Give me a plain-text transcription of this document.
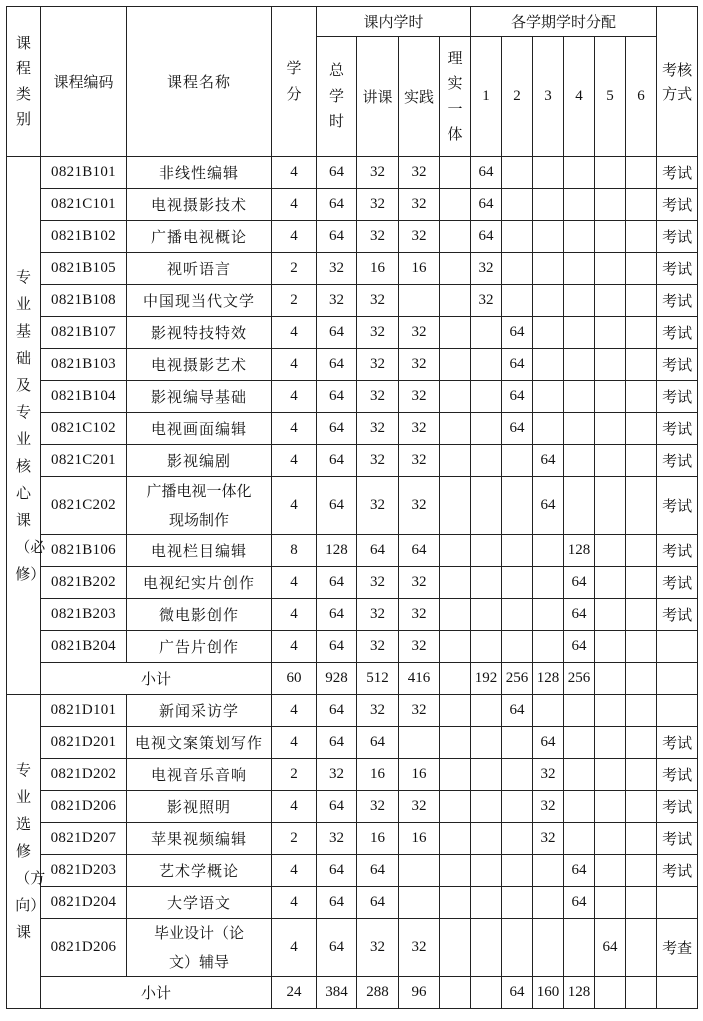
课程类别	课程编码	课程名称	学分	课内学时				各学期学时分配						考核方式

				总学时	讲课	实践	理实一体	1	2	3	4	5	6	

专业基础及专业核心课（必修）	0821B101	非线性编辑	4	64	32	32		64						考试
	0821C101	电视摄影技术	4	64	32	32		64						考试
	0821B102	广播电视概论	4	64	32	32		64						考试
	0821B105	视听语言	2	32	16	16		32						考试
	0821B108	中国现当代文学	2	32	32			32						考试
	0821B107	影视特技特效	4	64	32	32			64					考试
	0821B103	电视摄影艺术	4	64	32	32			64					考试
	0821B104	影视编导基础	4	64	32	32			64					考试
	0821C102	电视画面编辑	4	64	32	32			64					考试
	0821C201	影视编剧	4	64	32	32				64				考试
	0821C202	广播电视一体化现场制作	4	64	32	32				64				考试
	0821B106	电视栏目编辑	8	128	64	64					128			考试
	0821B202	电视纪实片创作	4	64	32	32					64			考试
	0821B203	微电影创作	4	64	32	32					64			考试
	0821B204	广告片创作	4	64	32	32					64			
	小计		60	928	512	416		192	256	128	256			

专业选修（方向）课	0821D101	新闻采访学	4	64	32	32			64					
	0821D201	电视文案策划写作	4	64	64					64				考试
	0821D202	电视音乐音响	2	32	16	16				32				考试
	0821D206	影视照明	4	64	32	32				32				考试
	0821D207	苹果视频编辑	2	32	16	16				32				考试
	0821D203	艺术学概论	4	64	64						64			考试
	0821D204	大学语文	4	64	64						64			
	0821D206	毕业设计（论文）辅导	4	64	32	32						64		考查
	小计		24	384	288	96			64	160	128			
